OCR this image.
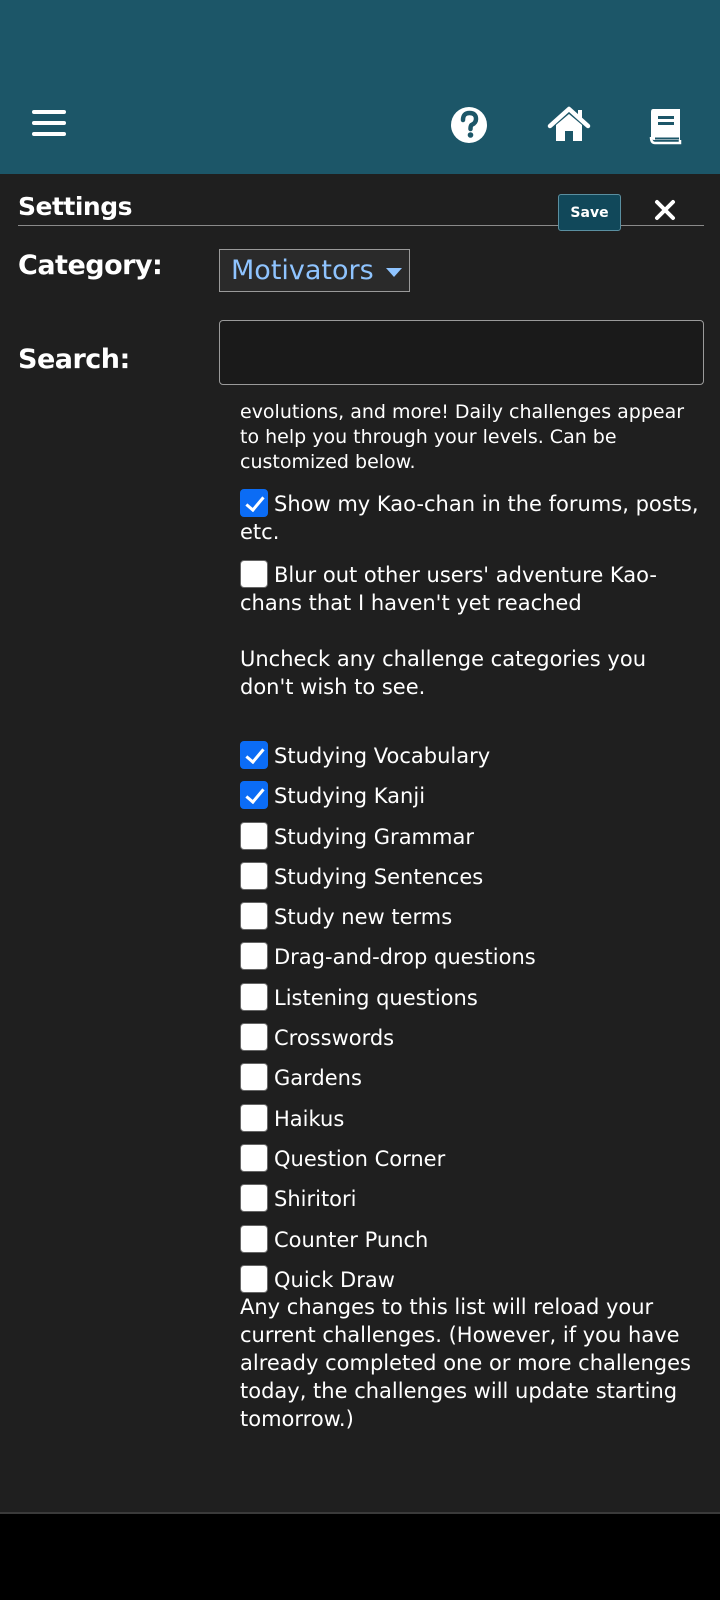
Settings	Save
Category:	Motivators
Search:
evolutions, and more! Daily challenges appear to help you through your levels. Can be customized below.
Show my Kao-chan in the forums, posts, etc.
Blur out other users' adventure Kao-chans that I haven't yet reached
Uncheck any challenge categories you don't wish to see.
Studying Vocabulary
Studying Kanji
Studying Grammar
Studying Sentences
Study new terms
Drag-and-drop questions
Listening questions
Crosswords
Gardens
Haikus
Question Corner
Shiritori
Counter Punch
Quick Draw
Any changes to this list will reload your current challenges. (However, if you have already completed one or more challenges today, the challenges will update starting tomorrow.)
